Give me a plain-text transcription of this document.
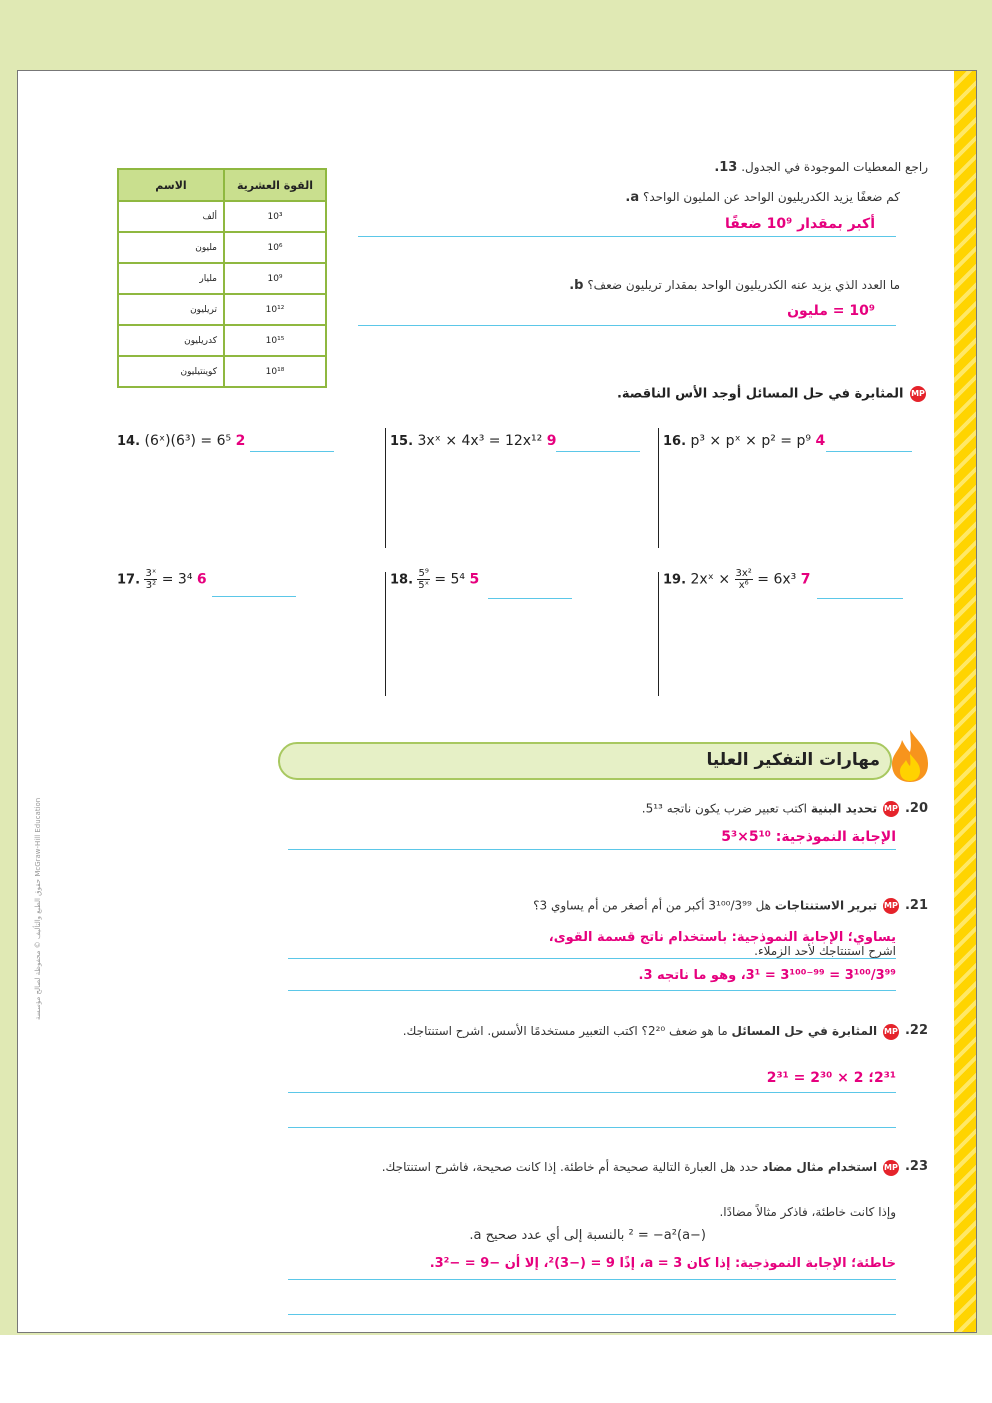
راجع المعطيات الموجودة في الجدول. 13.
كم ضعفًا يزيد الكدريليون الواحد عن المليون الواحد؟ a.
أكبر بمقدار 10⁹ ضعفًا
ما العدد الذي يزيد عنه الكدريليون الواحد بمقدار تريليون ضعف؟ b.
10⁹ = مليون
الاسم	القوة العشرية
ألف	10³
مليون	10⁶
مليار	10⁹
تريليون	10¹²
كدريليون	10¹⁵
كوينتيليون	10¹⁸
MP المثابرة في حل المسائل أوجد الأس الناقصة.
14. (6ˣ)(6³) = 6⁵ 2	15. 3xˣ × 4x³ = 12x¹² 9	16. p³ × pˣ × p² = p⁹ 4
17. $\frac{\text{3ˣ}}{\text{3²}} = 3^4$ 6	18. $\frac{\text{5⁹}}{\text{5ˣ}} = 5^4$ 5	19. 2xˣ × $\frac{\text{3x²}}{\text{x⁶}} = 6x^3$ 7
مهارات التفكير العليا
20.
MP تحديد البنية اكتب تعبير ضرب يكون ناتجه 5¹³.
الإجابة النموذجية: 5¹⁰×5³
21.
MP تبرير الاستنتاجات هل 3¹⁰⁰/3⁹⁹ أكبر من أم أصغر من أم يساوي 3؟
يساوي؛ الإجابة النموذجية: باستخدام ناتج قسمة القوى،
اشرح استنتاجك لأحد الزملاء.
3¹⁰⁰/3⁹⁹ = 3¹⁰⁰⁻⁹⁹ = 3¹، وهو ما ناتجه 3.
22.
MP المثابرة في حل المسائل ما هو ضعف 2²⁰؟ اكتب التعبير مستخدمًا الأسس. اشرح استنتاجك.
2³¹؛ 2 × 2³⁰ = 2³¹
23.
MP استخدام مثال مضاد حدد هل العبارة التالية صحيحة أم خاطئة. إذا كانت صحيحة، فاشرح استنتاجك.
وإذا كانت خاطئة، فاذكر مثالاً مضادًا.
(−a)² = −a² بالنسبة إلى أي عدد صحيح a.
خاطئة؛ الإجابة النموذجية: إذا كان a = 3، إذًا 9 = (−3)²، إلا أن −9 = −3².
حقوق الطبع والتأليف © محفوظة لصالح مؤسسة McGraw-Hill Education
